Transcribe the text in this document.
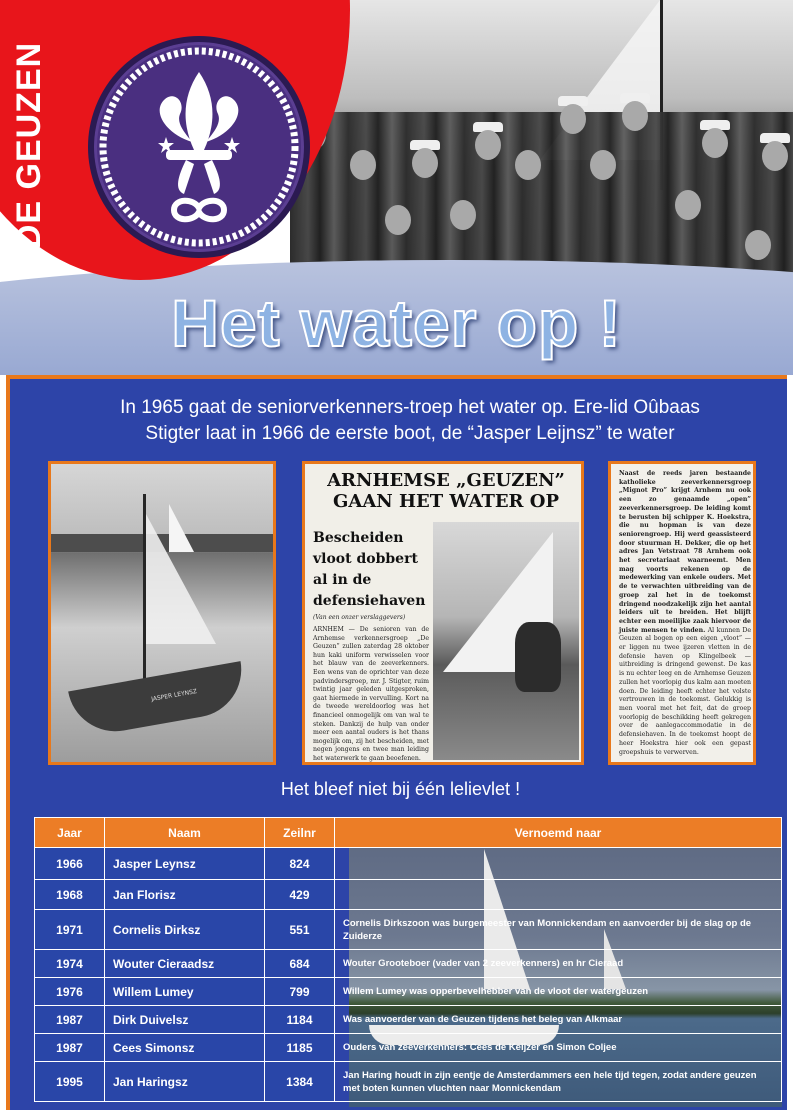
DE GEUZEN
Het water op !

In 1965 gaat de seniorverkenners-troep het water op. Ere-lid Oûbaas

Stigter laat in 1966 de eerste boot, de “Jasper Leijnsz” te water

JASPER LEYNSZ
ARNHEMSE „GEUZEN”
GAAN HET WATER OP
Bescheiden vloot dobbert al in de defensiehaven
(Van een onzer verslaggevers)
ARNHEM — De senioren van de Arnhemse verkennersgroep „De Geuzen” zullen zaterdag 28 oktober hun kaki uniform verwisselen voor het blauw van de zeeverkenners. Een wens van de oprichter van deze padvindersgroep, mr. J. Stigter, ruim twintig jaar geleden uitgesproken, gaat hiermede in vervulling. Kort na de tweede wereldoorlog was het financieel onmogelijk om van wal te steken. Dankzij de hulp van onder meer een aantal ouders is het thans mogelijk om, zij het bescheiden, met negen jongens en twee man leiding het waterwerk te gaan beoefenen.
Naast de reeds jaren bestaande katholieke zeeverkennersgroep „Mignot Pro” krijgt Arnhem nu ook een zo genaamde „open” zeeverkennersgroep. De leiding komt te berusten bij schipper K. Hoekstra, die nu hopman is van deze seniorengroep. Hij werd geassisteerd door stuurman H. Dekker, die op het adres Jan Vetstraat 78 Arnhem ook het secretariaat waarneemt. Men mag voorts rekenen op de medewerking van enkele ouders. Met de te verwachten uitbreiding van de groep zal het in de toekomst dringend noodzakelijk zijn het aantal leiders uit te breiden. Het blijft echter een moeilijke zaak hiervoor de juiste mensen te vinden. Al kunnen De Geuzen al bogen op een eigen „vloot” — er liggen nu twee ijzeren vletten in de defensie haven op Klingelbeek — uitbreiding is dringend gewenst. De kas is nu echter leeg en de Arnhemse Geuzen zullen het voorlopig dus kalm aan moeten doen. De leiding heeft echter het volste vertrouwen in de toekomst. Gelukkig is men vooral met het feit, dat de groep voorlopig de beschikking heeft gekregen over de aanlegaccommodatie in de defensiehaven. In de toekomst hoopt de heer Hoekstra hier ook een gepast groepshuis te verwerven.
Het bleef niet bij één lelievlet !
Jaar	Naam	Zeilnr	Vernoemd naar
1966	Jasper Leynsz	824	
1968	Jan Florisz	429	
1971	Cornelis Dirksz	551	Cornelis Dirkszoon was burgemeester van Monnickendam en aanvoerder bij de slag op de Zuiderze
1974	Wouter Cieraadsz	684	Wouter Grooteboer (vader van 2 zeeverkenners) en hr Cieraad
1976	Willem Lumey	799	Willem Lumey was opperbevelhebber van de vloot der watergeuzen
1987	Dirk Duivelsz	1184	Was aanvoerder van de Geuzen tijdens het beleg van Alkmaar
1987	Cees Simonsz	1185	Ouders van zeeverkenners: Cees de Keijzer en Simon Coljee
1995	Jan Haringsz	1384	Jan Haring houdt in zijn eentje de Amsterdammers een hele tijd tegen, zodat andere geuzen met boten kunnen vluchten naar Monnickendam
